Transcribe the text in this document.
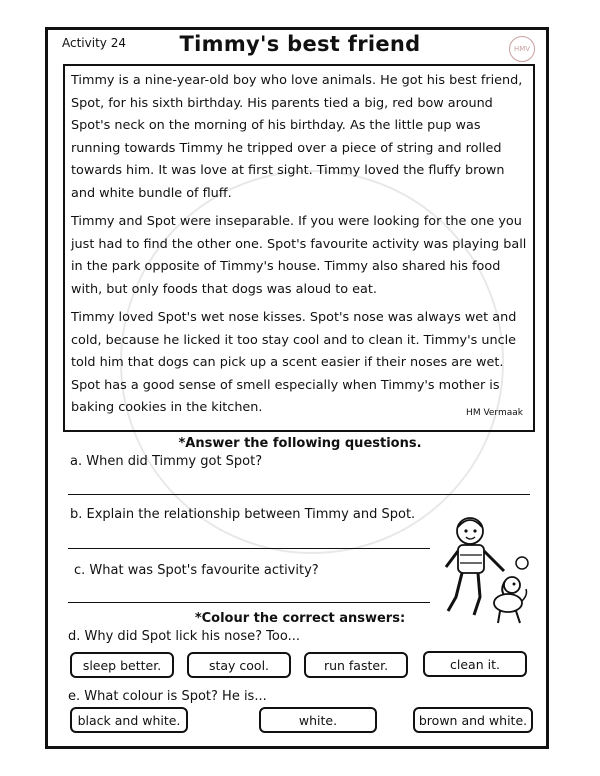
Activity 24	Timmy's best friend	HMV

Timmy is a nine-year-old boy who love animals. He got his best friend, Spot, for his sixth birthday. His parents tied a big, red bow around Spot's neck on the morning of his birthday. As the little pup was running towards Timmy he tripped over a piece of string and rolled towards him. It was love at first sight. Timmy loved the fluffy brown and white bundle of fluff.

Timmy and Spot were inseparable. If you were looking for the one you just had to find the other one. Spot's favourite activity was playing ball in the park opposite of Timmy's house. Timmy also shared his food with, but only foods that dogs was aloud to eat.

Timmy loved Spot's wet nose kisses. Spot's nose was always wet and cold, because he licked it too stay cool and to clean it. Timmy's uncle told him that dogs can pick up a scent easier if their noses are wet. Spot has a good sense of smell especially when Timmy's mother is baking cookies in the kitchen.	HM Vermaak
*Answer the following questions.
a. When did Timmy got Spot?
b. Explain the relationship between Timmy and Spot.
c. What was Spot's favourite activity?
*Colour the correct answers:
d. Why did Spot lick his nose? Too...
sleep better.	stay cool.	run faster.	clean it.
e. What colour is Spot? He is...
black and white.	white.	brown and white.
